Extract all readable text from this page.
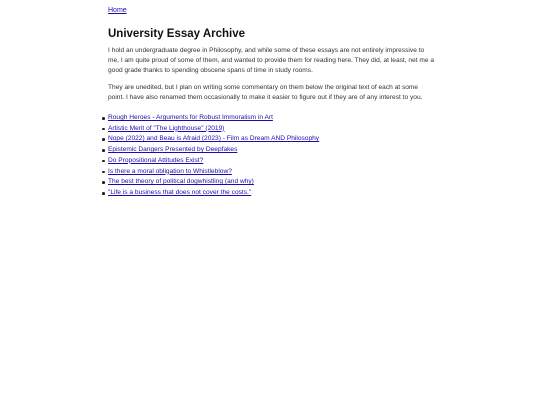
Home
University Essay Archive

I hold an undergraduate degree in Philosophy, and while some of these essays are not entirely impressive to me, I am quite proud of some of them, and wanted to provide them for reading here. They did, at least, net me a good grade thanks to spending obscene spans of time in study rooms.

They are unedited, but I plan on writing some commentary on them below the original text of each at some point. I have also renamed them occasionally to make it easier to figure out if they are of any interest to you.

Rough Heroes - Arguments for Robust Immoralism in Art
Artistic Merit of "The Lighthouse" (2019)
Nope (2022) and Beau is Afraid (2023) - Film as Dream AND Philosophy
Epistemic Dangers Presented by Deepfakes
Do Propositional Attitudes Exist?
Is there a moral obligation to Whistleblow?
The best theory of political dogwhistling (and why)
"Life is a business that does not cover the costs."
